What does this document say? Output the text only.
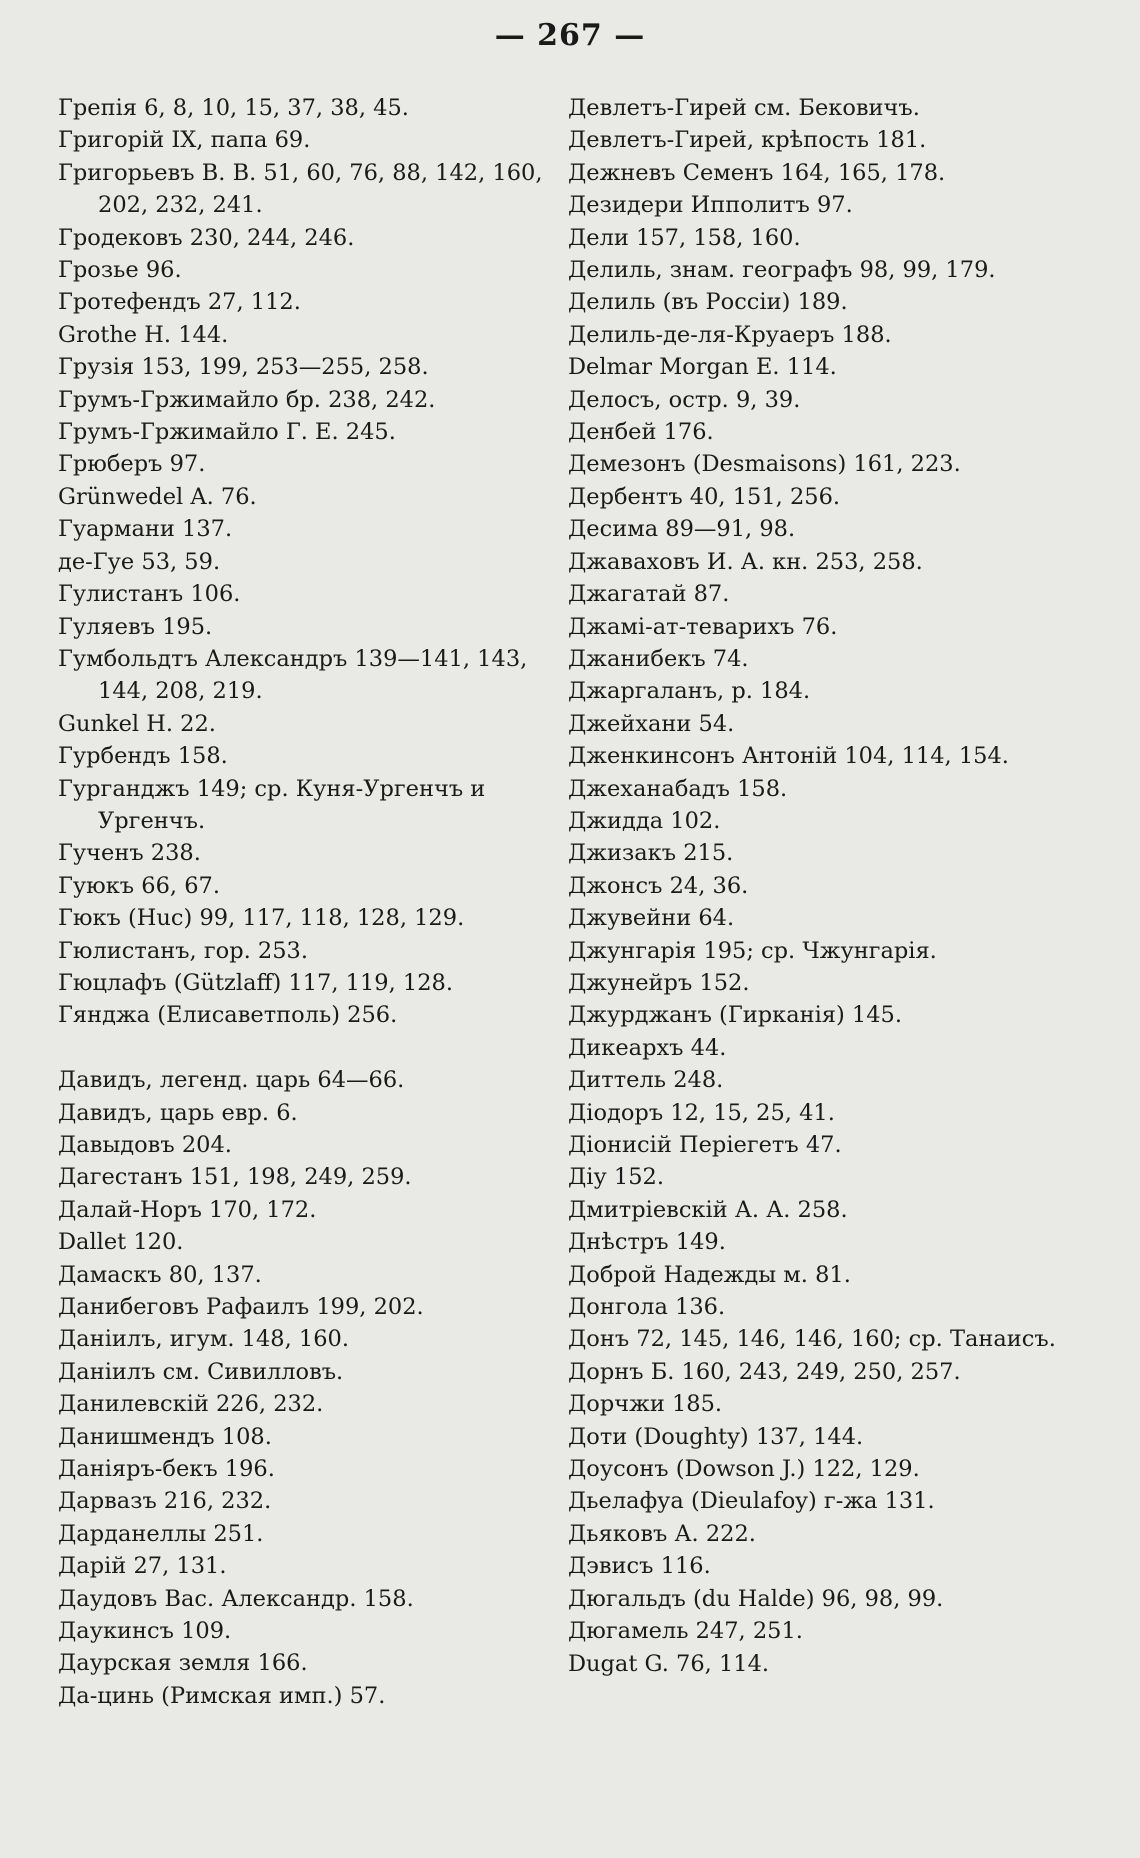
— 267 —
Грепія 6, 8, 10, 15, 37, 38, 45.
Григорій IX, папа 69.
Григорьевъ В. В. 51, 60, 76, 88, 142, 160, 202, 232, 241.
Гродековъ 230, 244, 246.
Грозье 96.
Гротефендъ 27, 112.
Grothe H. 144.
Грузія 153, 199, 253—255, 258.
Грумъ-Гржимайло бр. 238, 242.
Грумъ-Гржимайло Г. Е. 245.
Грюберъ 97.
Grünwedel A. 76.
Гуармани 137.
де-Гуе 53, 59.
Гулистанъ 106.
Гуляевъ 195.
Гумбольдтъ Александръ 139—141, 143, 144, 208, 219.
Gunkel H. 22.
Гурбендъ 158.
Гурганджъ 149; ср. Куня-Ургенчъ и Ургенчъ.
Гученъ 238.
Гуюкъ 66, 67.
Гюкъ (Huc) 99, 117, 118, 128, 129.
Гюлистанъ, гор. 253.
Гюцлафъ (Gützlaff) 117, 119, 128.
Гянджа (Елисаветполь) 256.
Давидъ, легенд. царь 64—66.
Давидъ, царь евр. 6.
Давыдовъ 204.
Дагестанъ 151, 198, 249, 259.
Далай-Норъ 170, 172.
Dallet 120.
Дамаскъ 80, 137.
Данибеговъ Рафаилъ 199, 202.
Даніилъ, игум. 148, 160.
Даніилъ см. Сивилловъ.
Данилевскій 226, 232.
Данишмендъ 108.
Даніяръ-бекъ 196.
Дарвазъ 216, 232.
Дарданеллы 251.
Дарій 27, 131.
Даудовъ Вас. Александр. 158.
Даукинсъ 109.
Даурская земля 166.
Да-цинь (Римская имп.) 57.
Девлетъ-Гирей см. Бековичъ.
Девлетъ-Гирей, крѣпость 181.
Дежневъ Семенъ 164, 165, 178.
Дезидери Ипполитъ 97.
Дели 157, 158, 160.
Делиль, знам. географъ 98, 99, 179.
Делиль (въ Россіи) 189.
Делиль-де-ля-Круаеръ 188.
Delmar Morgan E. 114.
Делосъ, остр. 9, 39.
Денбей 176.
Демезонъ (Desmaisons) 161, 223.
Дербентъ 40, 151, 256.
Десима 89—91, 98.
Джаваховъ И. А. кн. 253, 258.
Джагатай 87.
Джамі-ат-теварихъ 76.
Джанибекъ 74.
Джаргаланъ, р. 184.
Джейхани 54.
Дженкинсонъ Антоній 104, 114, 154.
Джеханабадъ 158.
Джидда 102.
Джизакъ 215.
Джонсъ 24, 36.
Джувейни 64.
Джунгарія 195; ср. Чжунгарія.
Джунейръ 152.
Джурджанъ (Гирканія) 145.
Дикеархъ 44.
Диттель 248.
Діодоръ 12, 15, 25, 41.
Діонисій Періегетъ 47.
Діу 152.
Дмитріевскій А. А. 258.
Днѣстръ 149.
Доброй Надежды м. 81.
Донгола 136.
Донъ 72, 145, 146, 146, 160; ср. Танаисъ.
Дорнъ Б. 160, 243, 249, 250, 257.
Дорчжи 185.
Доти (Doughty) 137, 144.
Доусонъ (Dowson J.) 122, 129.
Дьелафуа (Dieulafoy) г-жа 131.
Дьяковъ А. 222.
Дэвисъ 116.
Дюгальдъ (du Halde) 96, 98, 99.
Дюгамель 247, 251.
Dugat G. 76, 114.
